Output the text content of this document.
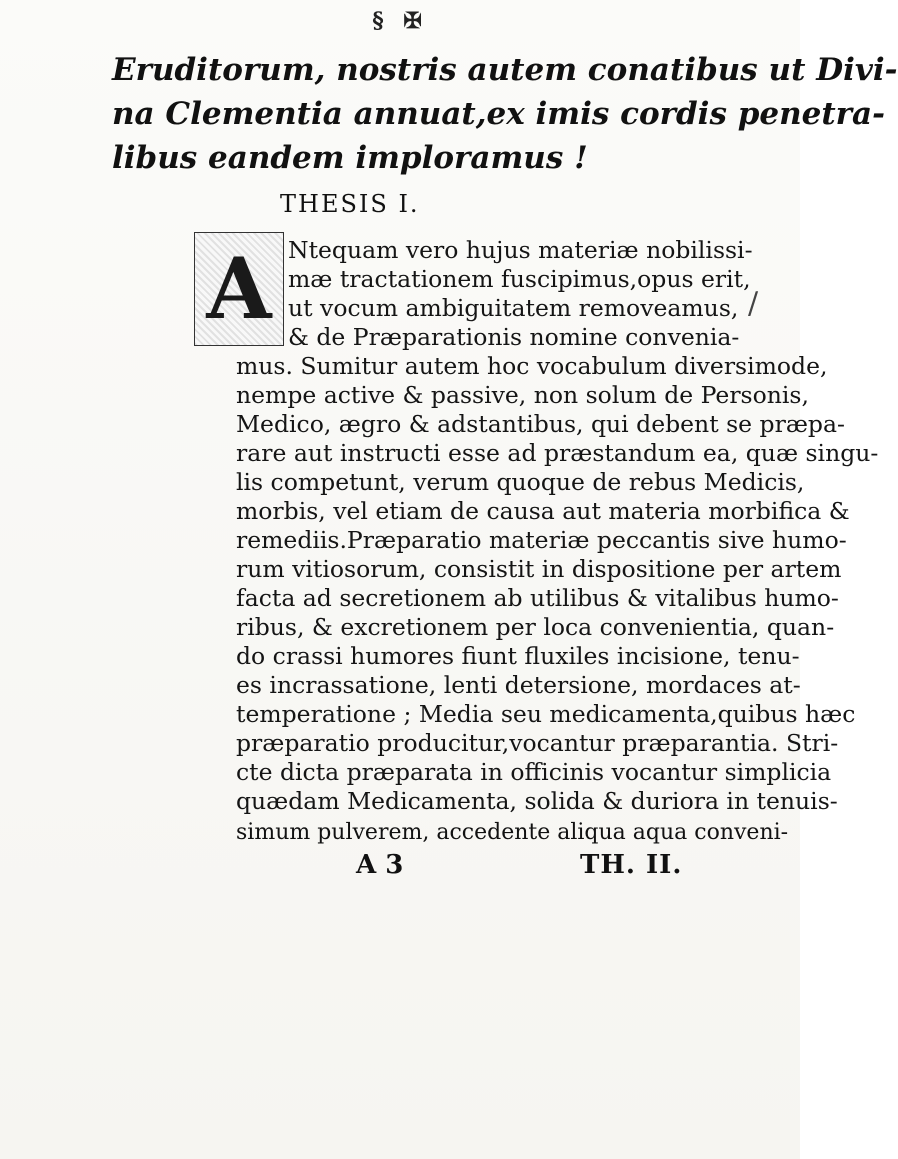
§ ✠
Eruditorum, nostris autem conatibus ut Divi-
na Clementia annuat,ex imis cordis penetra-
libus eandem imploramus !
THESIS I.
A Ntequam vero hujus materiæ nobilissi-
mæ tractationem fuscipimus,opus erit,
ut vocum ambiguitatem removeamus,
& de Præparationis nomine convenia-
mus. Sumitur autem hoc vocabulum diversimode,
nempe active & passive, non solum de Personis,
Medico, ægro & adstantibus, qui debent se præpa-
rare aut instructi esse ad præstandum ea, quæ singu-
lis competunt, verum quoque de rebus Medicis,
morbis, vel etiam de causa aut materia morbifica &
remediis.Præparatio materiæ peccantis sive humo-
rum vitiosorum, consistit in dispositione per artem
facta ad secretionem ab utilibus & vitalibus humo-
ribus, & excretionem per loca convenientia, quan-
do crassi humores fiunt fluxiles incisione, tenu-
es incrassatione, lenti detersione, mordaces at-
temperatione ; Media seu medicamenta,quibus hæc
præparatio producitur,vocantur præparantia. Stri-
cte dicta præparata in officinis vocantur simplicia
quædam Medicamenta, solida & duriora in tenuis-
simum pulverem, accedente aliqua aqua conveni-
A 3	TH. II.
/
